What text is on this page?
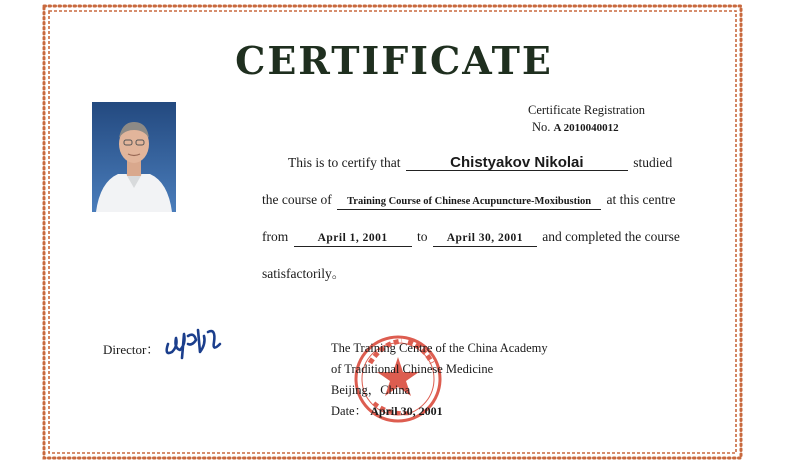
CERTIFICATE
Certificate Registration
No. A 2010040012
This is to certify that	Chistyakov Nikolai	studied
the course of Training Course of Chinese Acupuncture-Moxibustion at this centre
from	April 1, 2001 to April 30, 2001 and completed the course
satisfactorily。
Director：	The Training Centre of the China Academy
of Traditional Chinese Medicine
Beijing，China
Date： April 30, 2001
